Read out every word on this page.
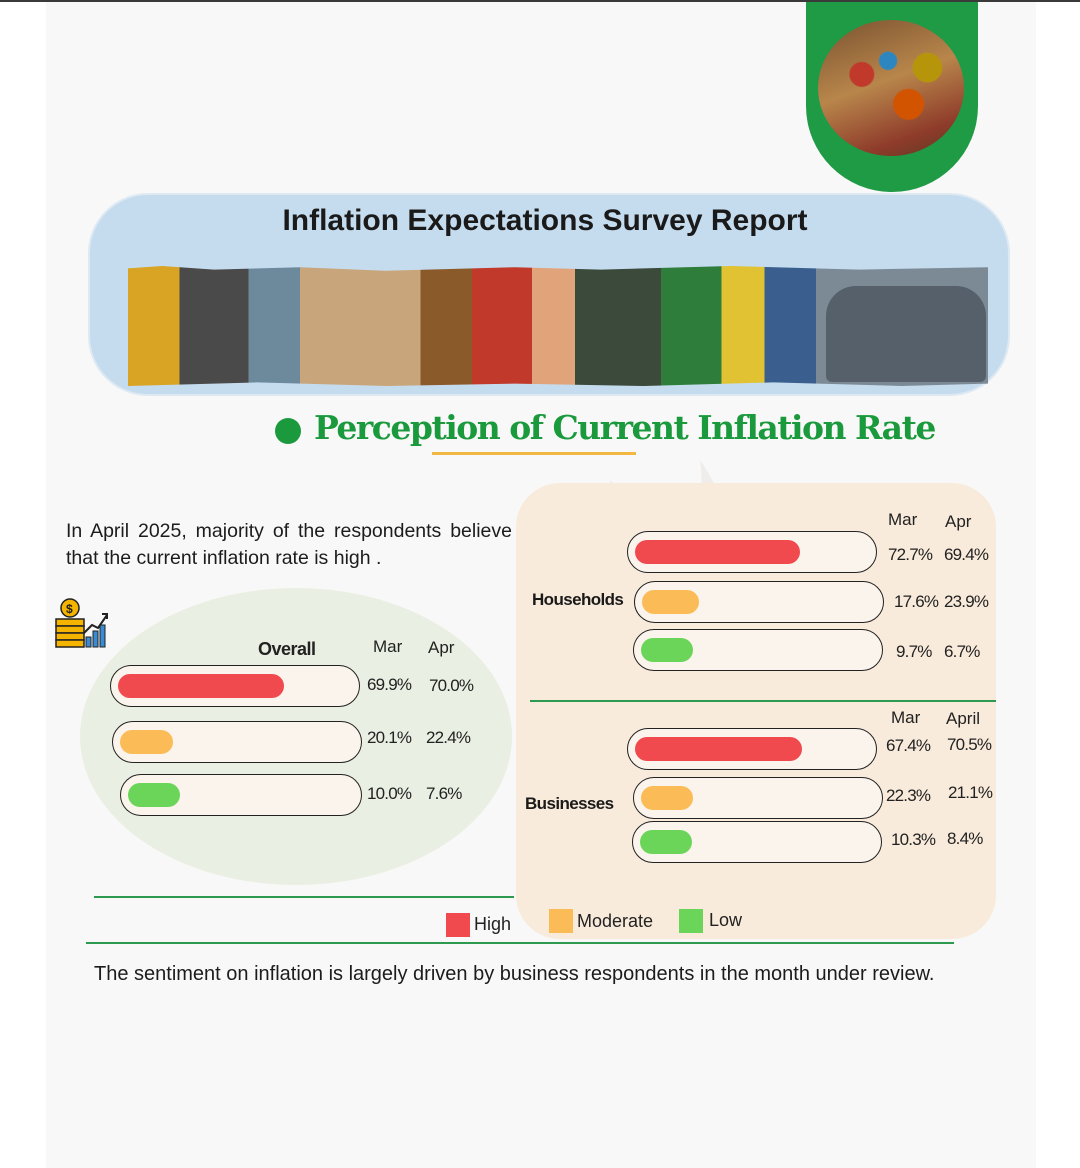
Inflation Expectations Survey Report
Perception of Current Inflation Rate
In April 2025, majority of the respondents believe that the current inflation rate is high .
$
Overall	Mar Apr
69.9% 70.0%
20.1% 22.4%
10.0% 7.6%
Mar Apr
Households
72.7% 69.4%
17.6% 23.9%
9.7% 6.7%
Mar April
Businesses
67.4% 70.5%
22.3% 21.1%
10.3% 8.4%
High	Moderate	Low
The sentiment on inflation is largely driven by business respondents in the month under review.
